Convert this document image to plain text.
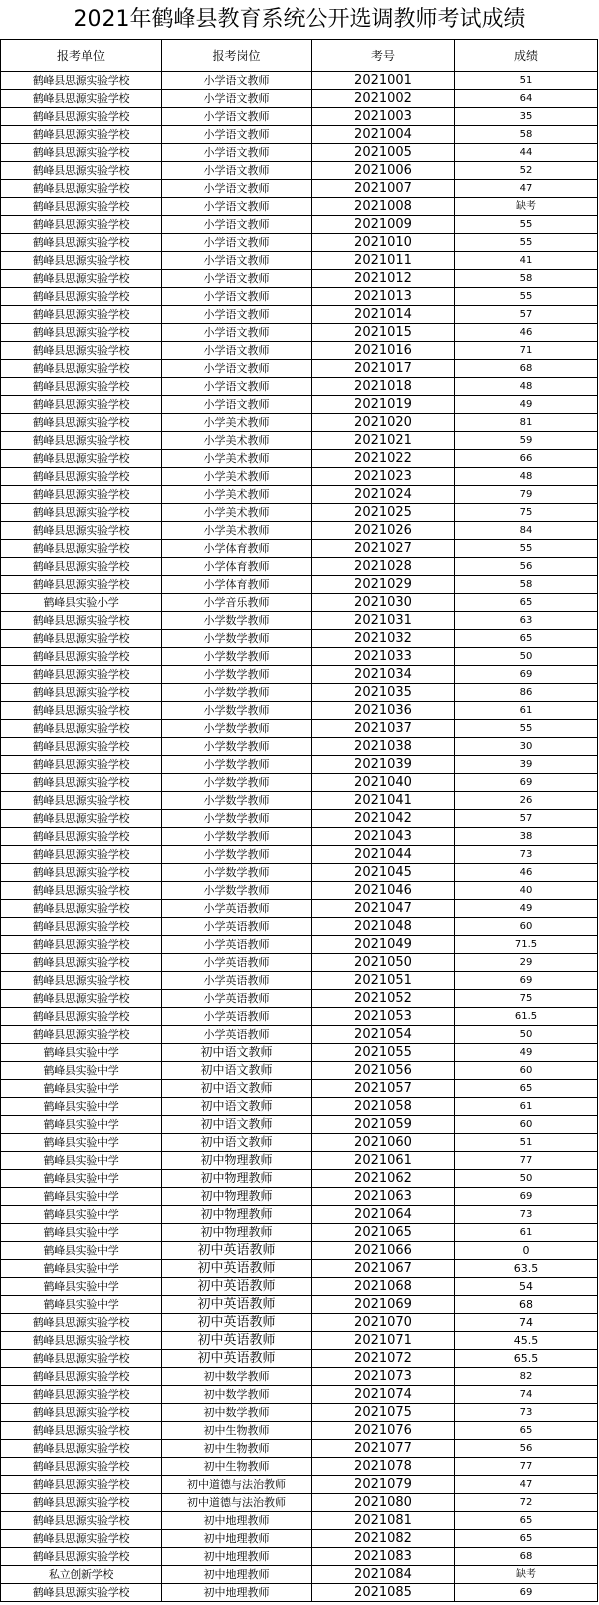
2021年鹤峰县教育系统公开选调教师考试成绩
报考单位	报考岗位	考号	成绩
鹤峰县思源实验学校	小学语文教师	2021001	51
鹤峰县思源实验学校	小学语文教师	2021002	64
鹤峰县思源实验学校	小学语文教师	2021003	35
鹤峰县思源实验学校	小学语文教师	2021004	58
鹤峰县思源实验学校	小学语文教师	2021005	44
鹤峰县思源实验学校	小学语文教师	2021006	52
鹤峰县思源实验学校	小学语文教师	2021007	47
鹤峰县思源实验学校	小学语文教师	2021008	缺考
鹤峰县思源实验学校	小学语文教师	2021009	55
鹤峰县思源实验学校	小学语文教师	2021010	55
鹤峰县思源实验学校	小学语文教师	2021011	41
鹤峰县思源实验学校	小学语文教师	2021012	58
鹤峰县思源实验学校	小学语文教师	2021013	55
鹤峰县思源实验学校	小学语文教师	2021014	57
鹤峰县思源实验学校	小学语文教师	2021015	46
鹤峰县思源实验学校	小学语文教师	2021016	71
鹤峰县思源实验学校	小学语文教师	2021017	68
鹤峰县思源实验学校	小学语文教师	2021018	48
鹤峰县思源实验学校	小学语文教师	2021019	49
鹤峰县思源实验学校	小学美术教师	2021020	81
鹤峰县思源实验学校	小学美术教师	2021021	59
鹤峰县思源实验学校	小学美术教师	2021022	66
鹤峰县思源实验学校	小学美术教师	2021023	48
鹤峰县思源实验学校	小学美术教师	2021024	79
鹤峰县思源实验学校	小学美术教师	2021025	75
鹤峰县思源实验学校	小学美术教师	2021026	84
鹤峰县思源实验学校	小学体育教师	2021027	55
鹤峰县思源实验学校	小学体育教师	2021028	56
鹤峰县思源实验学校	小学体育教师	2021029	58
鹤峰县实验小学	小学音乐教师	2021030	65
鹤峰县思源实验学校	小学数学教师	2021031	63
鹤峰县思源实验学校	小学数学教师	2021032	65
鹤峰县思源实验学校	小学数学教师	2021033	50
鹤峰县思源实验学校	小学数学教师	2021034	69
鹤峰县思源实验学校	小学数学教师	2021035	86
鹤峰县思源实验学校	小学数学教师	2021036	61
鹤峰县思源实验学校	小学数学教师	2021037	55
鹤峰县思源实验学校	小学数学教师	2021038	30
鹤峰县思源实验学校	小学数学教师	2021039	39
鹤峰县思源实验学校	小学数学教师	2021040	69
鹤峰县思源实验学校	小学数学教师	2021041	26
鹤峰县思源实验学校	小学数学教师	2021042	57
鹤峰县思源实验学校	小学数学教师	2021043	38
鹤峰县思源实验学校	小学数学教师	2021044	73
鹤峰县思源实验学校	小学数学教师	2021045	46
鹤峰县思源实验学校	小学数学教师	2021046	40
鹤峰县思源实验学校	小学英语教师	2021047	49
鹤峰县思源实验学校	小学英语教师	2021048	60
鹤峰县思源实验学校	小学英语教师	2021049	71.5
鹤峰县思源实验学校	小学英语教师	2021050	29
鹤峰县思源实验学校	小学英语教师	2021051	69
鹤峰县思源实验学校	小学英语教师	2021052	75
鹤峰县思源实验学校	小学英语教师	2021053	61.5
鹤峰县思源实验学校	小学英语教师	2021054	50
鹤峰县实验中学	初中语文教师	2021055	49
鹤峰县实验中学	初中语文教师	2021056	60
鹤峰县实验中学	初中语文教师	2021057	65
鹤峰县实验中学	初中语文教师	2021058	61
鹤峰县实验中学	初中语文教师	2021059	60
鹤峰县实验中学	初中语文教师	2021060	51
鹤峰县实验中学	初中物理教师	2021061	77
鹤峰县实验中学	初中物理教师	2021062	50
鹤峰县实验中学	初中物理教师	2021063	69
鹤峰县实验中学	初中物理教师	2021064	73
鹤峰县实验中学	初中物理教师	2021065	61
鹤峰县实验中学	初中英语教师	2021066	0
鹤峰县实验中学	初中英语教师	2021067	63.5
鹤峰县实验中学	初中英语教师	2021068	54
鹤峰县实验中学	初中英语教师	2021069	68
鹤峰县思源实验学校	初中英语教师	2021070	74
鹤峰县思源实验学校	初中英语教师	2021071	45.5
鹤峰县思源实验学校	初中英语教师	2021072	65.5
鹤峰县思源实验学校	初中数学教师	2021073	82
鹤峰县思源实验学校	初中数学教师	2021074	74
鹤峰县思源实验学校	初中数学教师	2021075	73
鹤峰县思源实验学校	初中生物教师	2021076	65
鹤峰县思源实验学校	初中生物教师	2021077	56
鹤峰县思源实验学校	初中生物教师	2021078	77
鹤峰县思源实验学校	初中道德与法治教师	2021079	47
鹤峰县思源实验学校	初中道德与法治教师	2021080	72
鹤峰县思源实验学校	初中地理教师	2021081	65
鹤峰县思源实验学校	初中地理教师	2021082	65
鹤峰县思源实验学校	初中地理教师	2021083	68
私立创新学校	初中地理教师	2021084	缺考
鹤峰县思源实验学校	初中地理教师	2021085	69
